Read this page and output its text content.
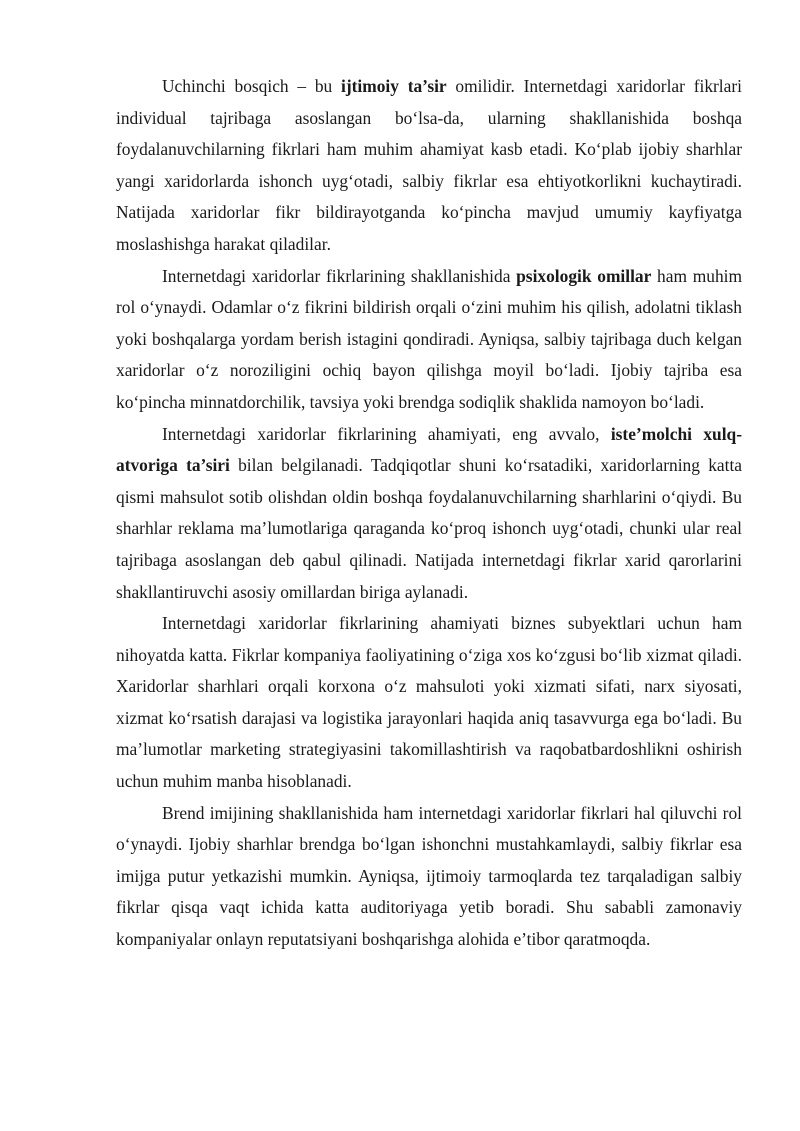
Uchinchi bosqich – bu ijtimoiy ta’sir omilidir. Internetdagi xaridorlar fikrlari individual tajribaga asoslangan bo‘lsa-da, ularning shakllanishida boshqa foydalanuvchilarning fikrlari ham muhim ahamiyat kasb etadi. Ko‘plab ijobiy sharhlar yangi xaridorlarda ishonch uyg‘otadi, salbiy fikrlar esa ehtiyotkorlikni kuchaytiradi. Natijada xaridorlar fikr bildirayotganda ko‘pincha mavjud umumiy kayfiyatga moslashishga harakat qiladilar.

Internetdagi xaridorlar fikrlarining shakllanishida psixologik omillar ham muhim rol o‘ynaydi. Odamlar o‘z fikrini bildirish orqali o‘zini muhim his qilish, adolatni tiklash yoki boshqalarga yordam berish istagini qondiradi. Ayniqsa, salbiy tajribaga duch kelgan xaridorlar o‘z noroziligini ochiq bayon qilishga moyil bo‘ladi. Ijobiy tajriba esa ko‘pincha minnatdorchilik, tavsiya yoki brendga sodiqlik shaklida namoyon bo‘ladi.

Internetdagi xaridorlar fikrlarining ahamiyati, eng avvalo, iste’molchi xulq-atvoriga ta’siri bilan belgilanadi. Tadqiqotlar shuni ko‘rsatadiki, xaridorlarning katta qismi mahsulot sotib olishdan oldin boshqa foydalanuvchilarning sharhlarini o‘qiydi. Bu sharhlar reklama ma’lumotlariga qaraganda ko‘proq ishonch uyg‘otadi, chunki ular real tajribaga asoslangan deb qabul qilinadi. Natijada internetdagi fikrlar xarid qarorlarini shakllantiruvchi asosiy omillardan biriga aylanadi.

Internetdagi xaridorlar fikrlarining ahamiyati biznes subyektlari uchun ham nihoyatda katta. Fikrlar kompaniya faoliyatining o‘ziga xos ko‘zgusi bo‘lib xizmat qiladi. Xaridorlar sharhlari orqali korxona o‘z mahsuloti yoki xizmati sifati, narx siyosati, xizmat ko‘rsatish darajasi va logistika jarayonlari haqida aniq tasavvurga ega bo‘ladi. Bu ma’lumotlar marketing strategiyasini takomillashtirish va raqobatbardoshlikni oshirish uchun muhim manba hisoblanadi.

Brend imijining shakllanishida ham internetdagi xaridorlar fikrlari hal qiluvchi rol o‘ynaydi. Ijobiy sharhlar brendga bo‘lgan ishonchni mustahkamlaydi, salbiy fikrlar esa imijga putur yetkazishi mumkin. Ayniqsa, ijtimoiy tarmoqlarda tez tarqaladigan salbiy fikrlar qisqa vaqt ichida katta auditoriyaga yetib boradi. Shu sababli zamonaviy kompaniyalar onlayn reputatsiyani boshqarishga alohida e’tibor qaratmoqda.
